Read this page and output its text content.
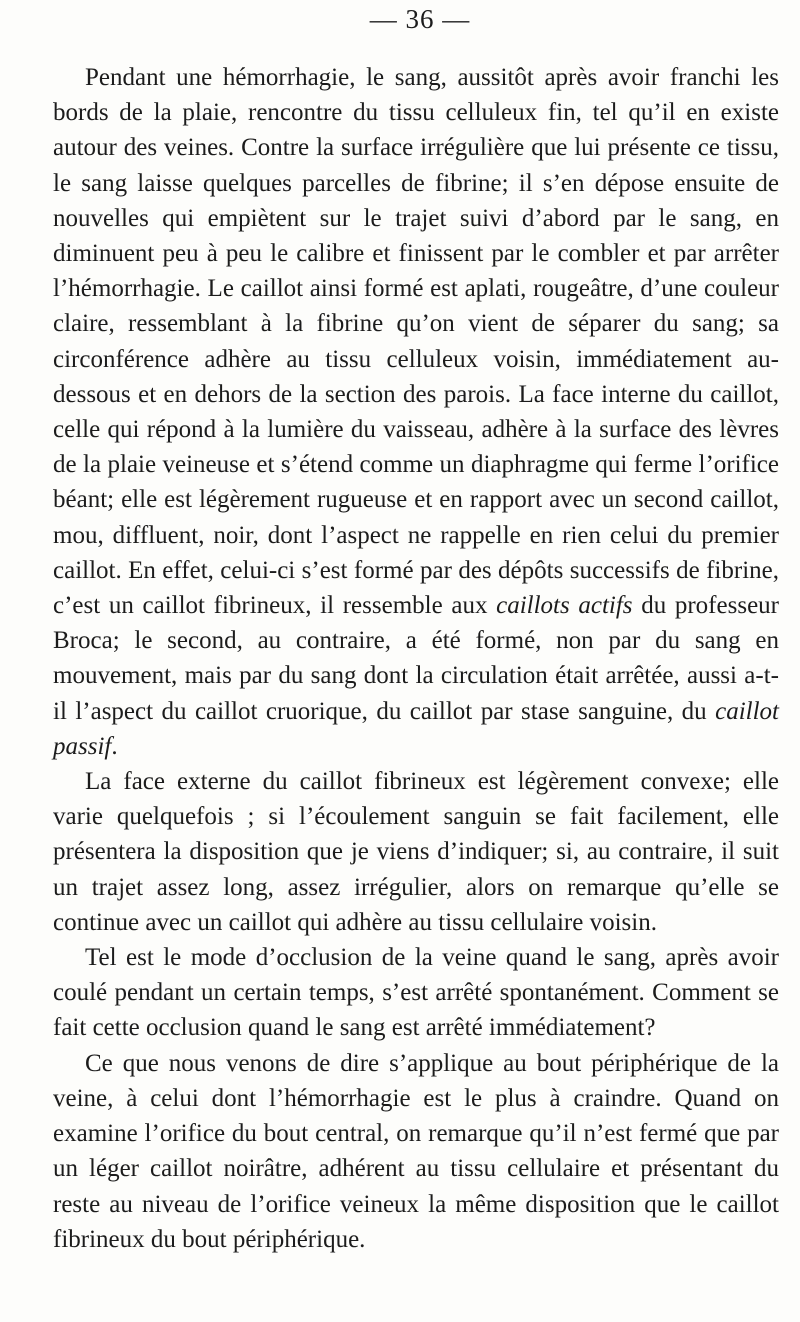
— 36 —

Pendant une hémorrhagie, le sang, aussitôt après avoir franchi les bords de la plaie, rencontre du tissu celluleux fin, tel qu’il en existe autour des veines. Contre la surface irrégulière que lui présente ce tissu, le sang laisse quelques parcelles de fibrine; il s’en dépose ensuite de nouvelles qui empiètent sur le trajet suivi d’abord par le sang, en diminuent peu à peu le calibre et finissent par le combler et par arrêter l’hémorrhagie. Le caillot ainsi formé est aplati, rougeâtre, d’une couleur claire, ressemblant à la fibrine qu’on vient de séparer du sang; sa circonférence adhère au tissu celluleux voisin, immédiatement au-dessous et en dehors de la section des parois. La face interne du caillot, celle qui répond à la lumière du vaisseau, adhère à la surface des lèvres de la plaie veineuse et s’étend comme un diaphragme qui ferme l’orifice béant; elle est légèrement rugueuse et en rapport avec un second caillot, mou, diffluent, noir, dont l’aspect ne rappelle en rien celui du premier caillot. En effet, celui-ci s’est formé par des dépôts successifs de fibrine, c’est un caillot fibrineux, il ressemble aux caillots actifs du professeur Broca; le second, au contraire, a été formé, non par du sang en mouvement, mais par du sang dont la circulation était arrêtée, aussi a-t-il l’aspect du caillot cruorique, du caillot par stase sanguine, du caillot passif.

La face externe du caillot fibrineux est légèrement convexe; elle varie quelquefois ; si l’écoulement sanguin se fait facilement, elle présentera la disposition que je viens d’indiquer; si, au contraire, il suit un trajet assez long, assez irrégulier, alors on remarque qu’elle se continue avec un caillot qui adhère au tissu cellulaire voisin.

Tel est le mode d’occlusion de la veine quand le sang, après avoir coulé pendant un certain temps, s’est arrêté spontanément. Comment se fait cette occlusion quand le sang est arrêté immédiatement?

Ce que nous venons de dire s’applique au bout périphérique de la veine, à celui dont l’hémorrhagie est le plus à craindre. Quand on examine l’orifice du bout central, on remarque qu’il n’est fermé que par un léger caillot noirâtre, adhérent au tissu cellulaire et présentant du reste au niveau de l’orifice veineux la même disposition que le caillot fibrineux du bout périphérique.
